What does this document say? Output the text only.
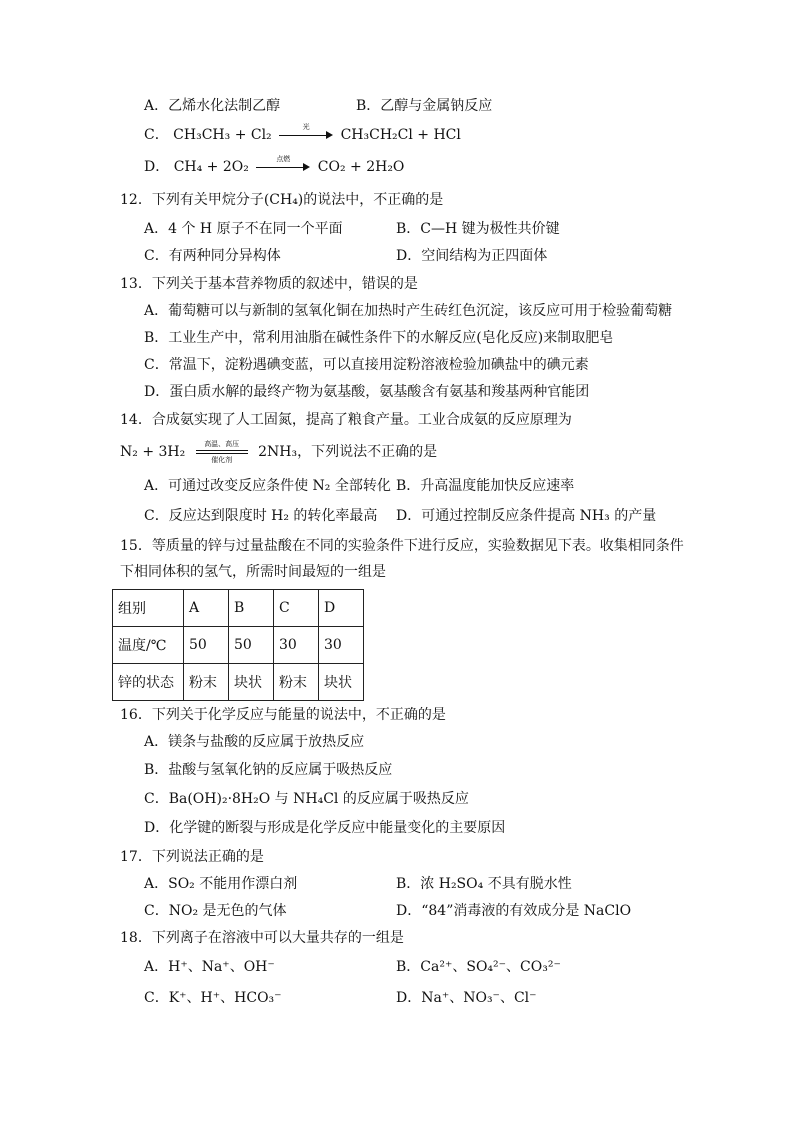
A．乙烯水化法制乙醇	B．乙醇与金属钠反应
C． CH₃CH₃ + Cl₂	光	CH₃CH₂Cl + HCl
D． CH₄ + 2O₂	点燃	CO₂ + 2H₂O
12．下列有关甲烷分子(CH₄)的说法中，不正确的是
A．4 个 H 原子不在同一个平面	B．C—H 键为极性共价键
C．有两种同分异构体	D．空间结构为正四面体
13．下列关于基本营养物质的叙述中，错误的是
A．葡萄糖可以与新制的氢氧化铜在加热时产生砖红色沉淀，该反应可用于检验葡萄糖
B．工业生产中，常利用油脂在碱性条件下的水解反应(皂化反应)来制取肥皂
C．常温下，淀粉遇碘变蓝，可以直接用淀粉溶液检验加碘盐中的碘元素
D．蛋白质水解的最终产物为氨基酸，氨基酸含有氨基和羧基两种官能团
14．合成氨实现了人工固氮，提高了粮食产量。工业合成氨的反应原理为
N₂ + 3H₂	高温、高压
催化剂	2NH₃，下列说法不正确的是
A．可通过改变反应条件使 N₂ 全部转化 B．升高温度能加快反应速率
C．反应达到限度时 H₂ 的转化率最高 D．可通过控制反应条件提高 NH₃ 的产量
15．等质量的锌与过量盐酸在不同的实验条件下进行反应，实验数据见下表。收集相同条件
下相同体积的氢气，所需时间最短的一组是
组别	A	B	C	D
温度/℃	50	50	30	30
锌的状态	粉末	块状	粉末	块状
16．下列关于化学反应与能量的说法中，不正确的是
A．镁条与盐酸的反应属于放热反应
B．盐酸与氢氧化钠的反应属于吸热反应
C．Ba(OH)₂·8H₂O 与 NH₄Cl 的反应属于吸热反应
D．化学键的断裂与形成是化学反应中能量变化的主要原因
17．下列说法正确的是
A．SO₂ 不能用作漂白剂	B．浓 H₂SO₄ 不具有脱水性
C．NO₂ 是无色的气体	D．“84”消毒液的有效成分是 NaClO
18．下列离子在溶液中可以大量共存的一组是
A．H⁺、Na⁺、OH⁻	B．Ca²⁺、SO₄²⁻、CO₃²⁻
C．K⁺、H⁺、HCO₃⁻	D．Na⁺、NO₃⁻、Cl⁻
